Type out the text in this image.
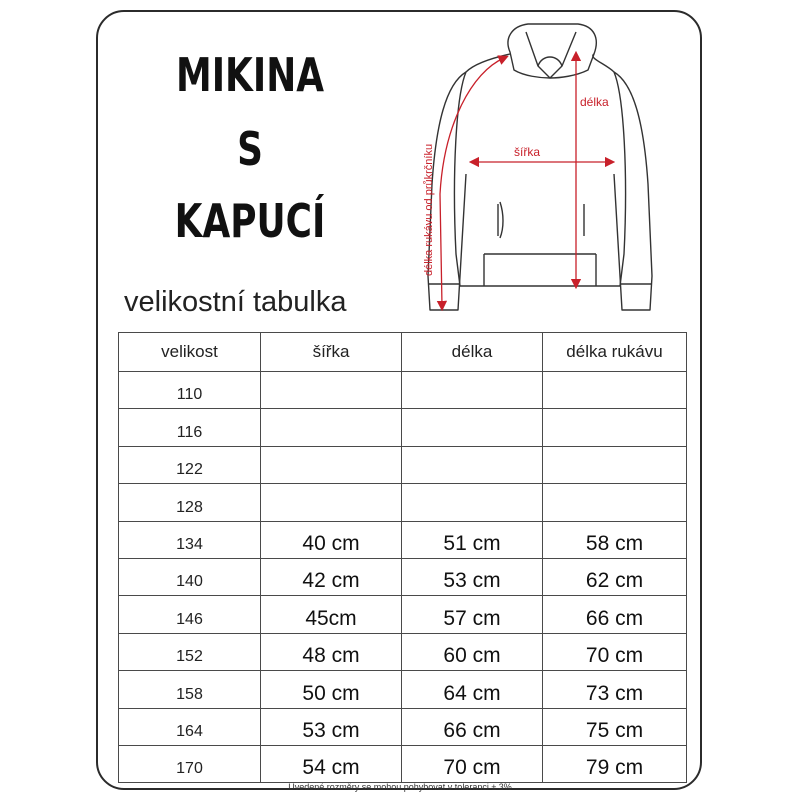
MIKINA
S
KAPUCÍ
velikostní tabulka
délka
šířka
délka rukávu od průkrčníku
velikost	šířka	délka	délka rukávu
110			
116			
122			
128			
134	40 cm	51 cm	58 cm
140	42 cm	53 cm	62 cm
146	45cm	57 cm	66 cm
152	48 cm	60 cm	70 cm
158	50 cm	64 cm	73 cm
164	53 cm	66 cm	75 cm
170	54 cm	70 cm	79 cm
Uvedené rozměry se mohou pohybovat v toleranci ± 3%
